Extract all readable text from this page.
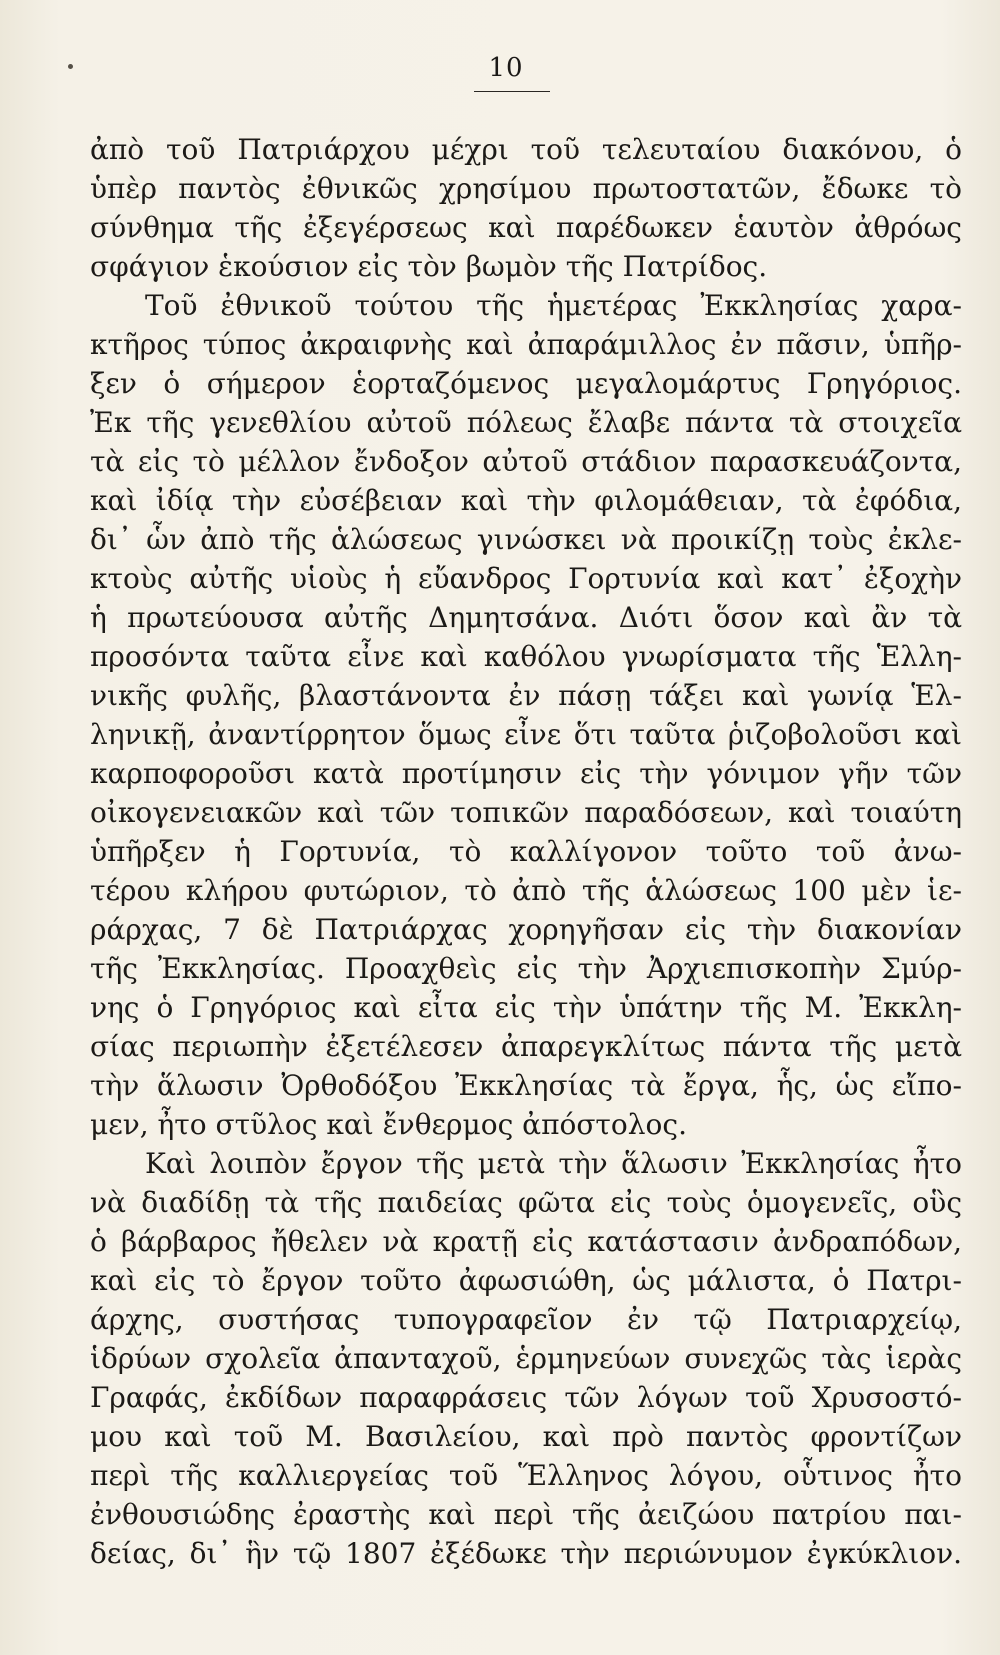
10
ἀπὸ τοῦ Πατριάρχου μέχρι τοῦ τελευταίου διακόνου, ὁ
ὑπὲρ παντὸς ἐθνικῶς χρησίμου πρωτοστατῶν, ἔδωκε τὸ
σύνθημα τῆς ἐξεγέρσεως καὶ παρέδωκεν ἑαυτὸν ἀθρόως
σφάγιον ἑκούσιον εἰς τὸν βωμὸν τῆς Πατρίδος.
Τοῦ ἐθνικοῦ τούτου τῆς ἡμετέρας Ἐκκλησίας χαρα-
κτῆρος τύπος ἀκραιφνὴς καὶ ἀπαράμιλλος ἐν πᾶσιν, ὑπῆρ-
ξεν ὁ σήμερον ἑορταζόμενος μεγαλομάρτυς Γρηγόριος.
Ἐκ τῆς γενεθλίου αὐτοῦ πόλεως ἔλαβε πάντα τὰ στοιχεῖα
τὰ εἰς τὸ μέλλον ἔνδοξον αὐτοῦ στάδιον παρασκευάζοντα,
καὶ ἰδίᾳ τὴν εὐσέβειαν καὶ τὴν φιλομάθειαν, τὰ ἐφόδια,
δι᾽ ὧν ἀπὸ τῆς ἁλώσεως γινώσκει νὰ προικίζῃ τοὺς ἐκλε-
κτοὺς αὐτῆς υἱοὺς ἡ εὔανδρος Γορτυνία καὶ κατ᾽ ἐξοχὴν
ἡ πρωτεύουσα αὐτῆς Δημητσάνα. Διότι ὅσον καὶ ἂν τὰ
προσόντα ταῦτα εἶνε καὶ καθόλου γνωρίσματα τῆς Ἑλλη-
νικῆς φυλῆς, βλαστάνοντα ἐν πάσῃ τάξει καὶ γωνίᾳ Ἑλ-
ληνικῇ, ἀναντίρρητον ὅμως εἶνε ὅτι ταῦτα ῥιζοβολοῦσι καὶ
καρποφοροῦσι κατὰ προτίμησιν εἰς τὴν γόνιμον γῆν τῶν
οἰκογενειακῶν καὶ τῶν τοπικῶν παραδόσεων, καὶ τοιαύτη
ὑπῆρξεν ἡ Γορτυνία, τὸ καλλίγονον τοῦτο τοῦ ἀνω-
τέρου κλήρου φυτώριον, τὸ ἀπὸ τῆς ἁλώσεως 100 μὲν ἱε-
ράρχας, 7 δὲ Πατριάρχας χορηγῆσαν εἰς τὴν διακονίαν
τῆς Ἐκκλησίας. Προαχθεὶς εἰς τὴν Ἀρχιεπισκοπὴν Σμύρ-
νης ὁ Γρηγόριος καὶ εἶτα εἰς τὴν ὑπάτην τῆς Μ. Ἐκκλη-
σίας περιωπὴν ἐξετέλεσεν ἀπαρεγκλίτως πάντα τῆς μετὰ
τὴν ἅλωσιν Ὀρθοδόξου Ἐκκλησίας τὰ ἔργα, ἧς, ὡς εἴπο-
μεν, ἦτο στῦλος καὶ ἔνθερμος ἀπόστολος.
Καὶ λοιπὸν ἔργον τῆς μετὰ τὴν ἅλωσιν Ἐκκλησίας ἦτο
νὰ διαδίδῃ τὰ τῆς παιδείας φῶτα εἰς τοὺς ὁμογενεῖς, οὓς
ὁ βάρβαρος ἤθελεν νὰ κρατῇ εἰς κατάστασιν ἀνδραπόδων,
καὶ εἰς τὸ ἔργον τοῦτο ἀφωσιώθη, ὡς μάλιστα, ὁ Πατρι-
άρχης, συστήσας τυπογραφεῖον ἐν τῷ Πατριαρχείῳ,
ἱδρύων σχολεῖα ἀπανταχοῦ, ἑρμηνεύων συνεχῶς τὰς ἱερὰς
Γραφάς, ἐκδίδων παραφράσεις τῶν λόγων τοῦ Χρυσοστό-
μου καὶ τοῦ Μ. Βασιλείου, καὶ πρὸ παντὸς φροντίζων
περὶ τῆς καλλιεργείας τοῦ Ἕλληνος λόγου, οὗτινος ἦτο
ἐνθουσιώδης ἐραστὴς καὶ περὶ τῆς ἀειζώου πατρίου παι-
δείας, δι᾽ ἣν τῷ 1807 ἐξέδωκε τὴν περιώνυμον ἐγκύκλιον.
